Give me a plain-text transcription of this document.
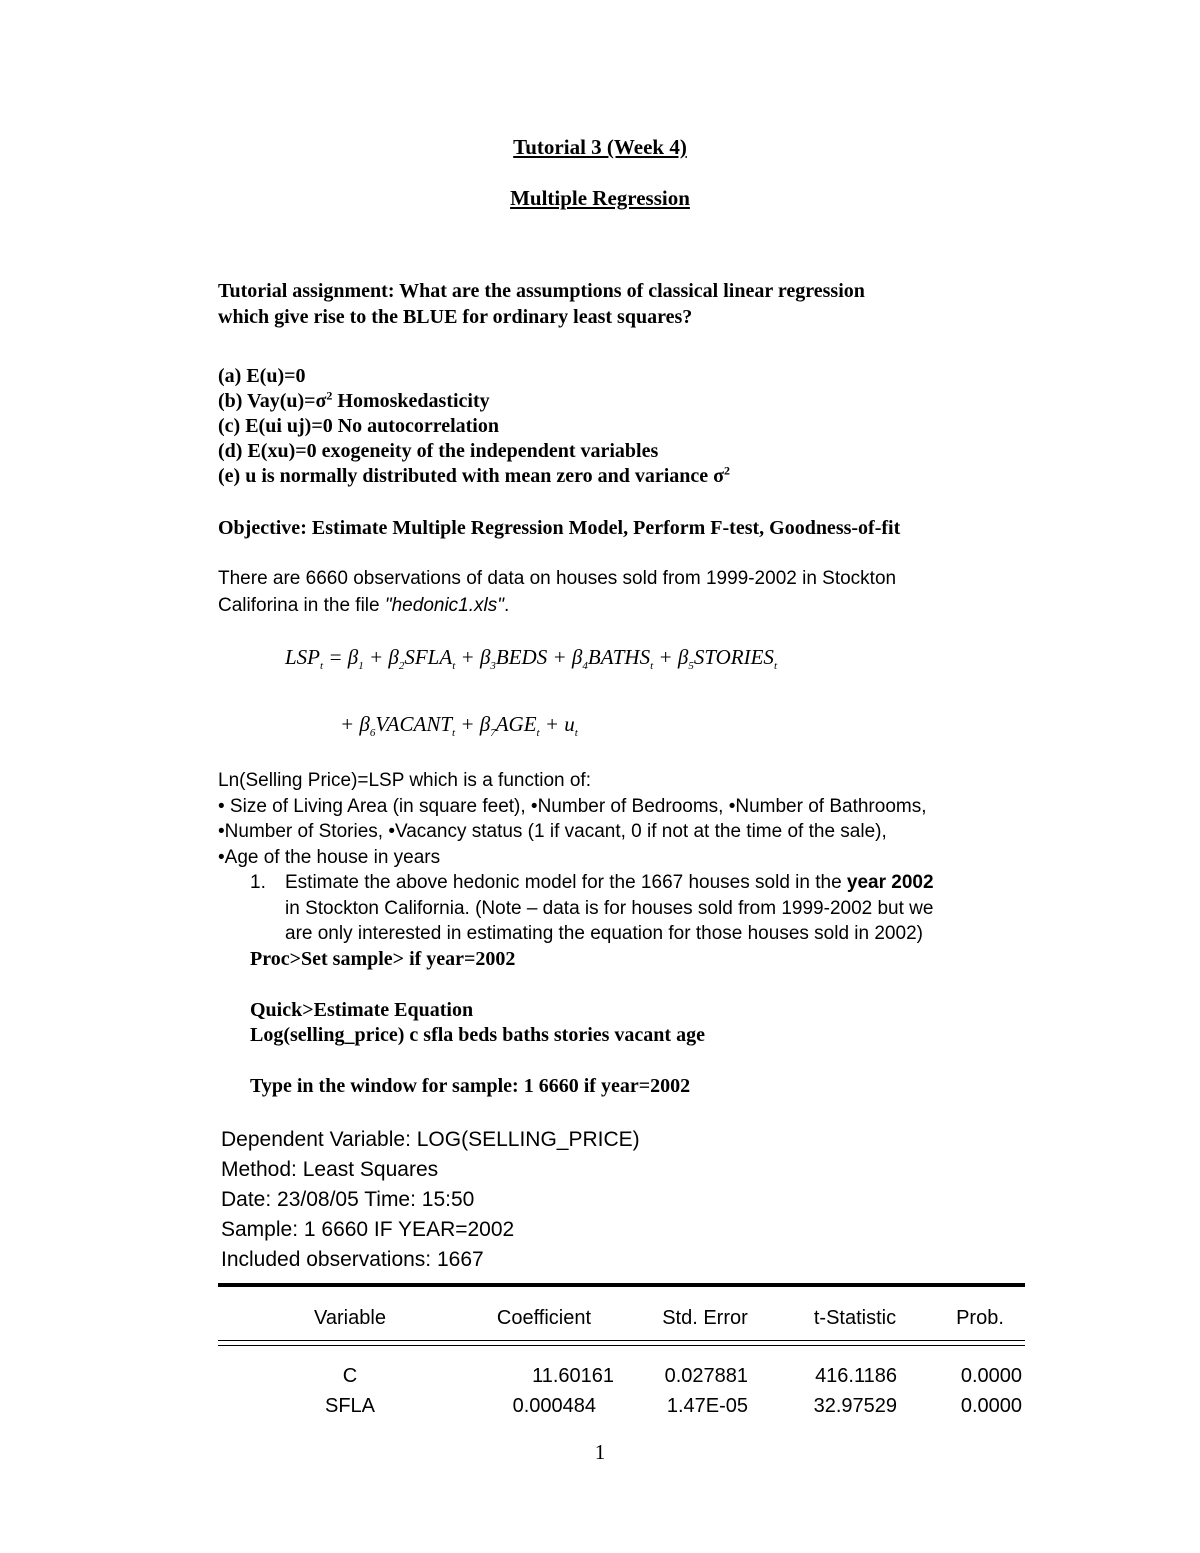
Tutorial 3 (Week 4)
Multiple Regression
Tutorial assignment: What are the assumptions of classical linear regression
which give rise to the BLUE for ordinary least squares?
(a) E(u)=0
(b) $Vay(u)=\sigma^2$ Homoskedasticity
(c) E(ui uj)=0 No autocorrelation
(d) E(xu)=0 exogeneity of the independent variables
(e) u is normally distributed with mean zero and variance $\sigma^2$
Objective: Estimate Multiple Regression Model, Perform F-test, Goodness-of-fit
There are 6660 observations of data on houses sold from 1999-2002 in Stockton
Califorina in the file "hedonic1.xls".
$LSP_t = \beta_1$ + $\beta_2SFLA_t$ + $\beta_3BEDS$ + $\beta_4BATHS_t$ + $\beta_5STORIES_t$
+ $\beta_6VACANT_t + \beta_7AGE_t + u_t$
Ln(Selling Price)=LSP which is a function of:
• Size of Living Area (in square feet), •Number of Bedrooms, •Number of Bathrooms,
•Number of Stories, •Vacancy status (1 if vacant, 0 if not at the time of the sale),
•Age of the house in years
1. Estimate the above hedonic model for the 1667 houses sold in the year 2002
in Stockton California. (Note – data is for houses sold from 1999-2002 but we
are only interested in estimating the equation for those houses sold in 2002)
Proc>Set sample> if year=2002
Quick>Estimate Equation
Log(selling_price) c sfla beds baths stories vacant age
Type in the window for sample: 1 6660 if year=2002
Dependent Variable: LOG(SELLING_PRICE)
Method: Least Squares
Date: 23/08/05 Time: 15:50
Sample: 1 6660 IF YEAR=2002
Included observations: 1667
Variable	Coefficient	Std. Error	t-Statistic	Prob.
C	11.60161	0.027881	416.1186	0.0000
SFLA	0.000484	1.47E-05	32.97529	0.0000
1
